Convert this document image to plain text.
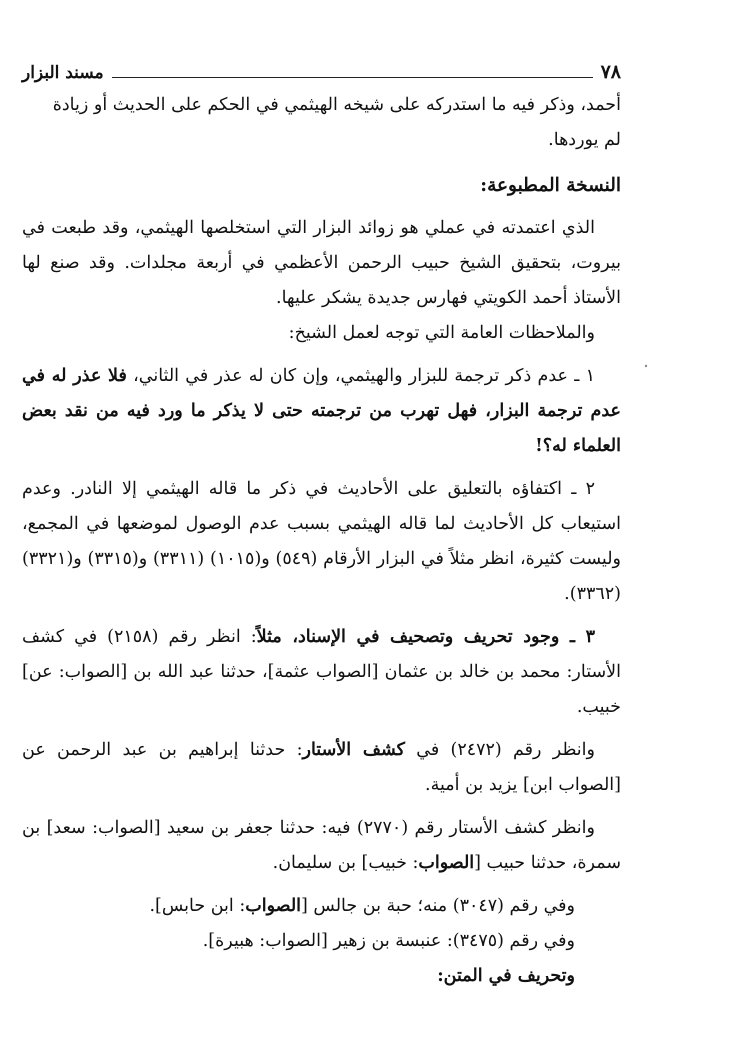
٧٨
مسند البزار

أحمد، وذكر فيه ما استدركه على شيخه الهيثمي في الحكم على الحديث أو زيادة
لم يوردها.

النسخة المطبوعة:

الذي اعتمدته في عملي هو زوائد البزار التي استخلصها الهيثمي، وقد طبعت في بيروت، بتحقيق الشيخ حبيب الرحمن الأعظمي في أربعة مجلدات. وقد صنع لها الأستاذ أحمد الكويتي فهارس جديدة يشكر عليها.

والملاحظات العامة التي توجه لعمل الشيخ:

١ ـ عدم ذكر ترجمة للبزار والهيثمي، وإن كان له عذر في الثاني، فلا عذر له في عدم ترجمة البزار، فهل تهرب من ترجمته حتى لا يذكر ما ورد فيه من نقد بعض العلماء له؟!

٢ ـ اكتفاؤه بالتعليق على الأحاديث في ذكر ما قاله الهيثمي إلا النادر. وعدم استيعاب كل الأحاديث لما قاله الهيثمي بسبب عدم الوصول لموضعها في المجمع، وليست كثيرة، انظر مثلاً في البزار الأرقام (٥٤٩) و(١٠١٥) (٣٣١١) و(٣٣١٥) و(٣٣٢١) (٣٣٦٢).

٣ ـ وجود تحريف وتصحيف في الإسناد، مثلاً: انظر رقم (٢١٥٨) في كشف الأستار: محمد بن خالد بن عثمان [الصواب عثمة]، حدثنا عبد الله بن [الصواب: عن] خبيب.

وانظر رقم (٢٤٧٢) في كشف الأستار: حدثنا إبراهيم بن عبد الرحمن عن [الصواب ابن] يزيد بن أمية.

وانظر كشف الأستار رقم (٢٧٧٠) فيه: حدثنا جعفر بن سعيد [الصواب: سعد] بن سمرة، حدثنا حبيب [الصواب: خبيب] بن سليمان.

وفي رقم (٣٠٤٧) منه؛ حبة بن جالس [الصواب: ابن حابس].

وفي رقم (٣٤٧٥): عنبسة بن زهير [الصواب: هبيرة].

وتحريف في المتن:
